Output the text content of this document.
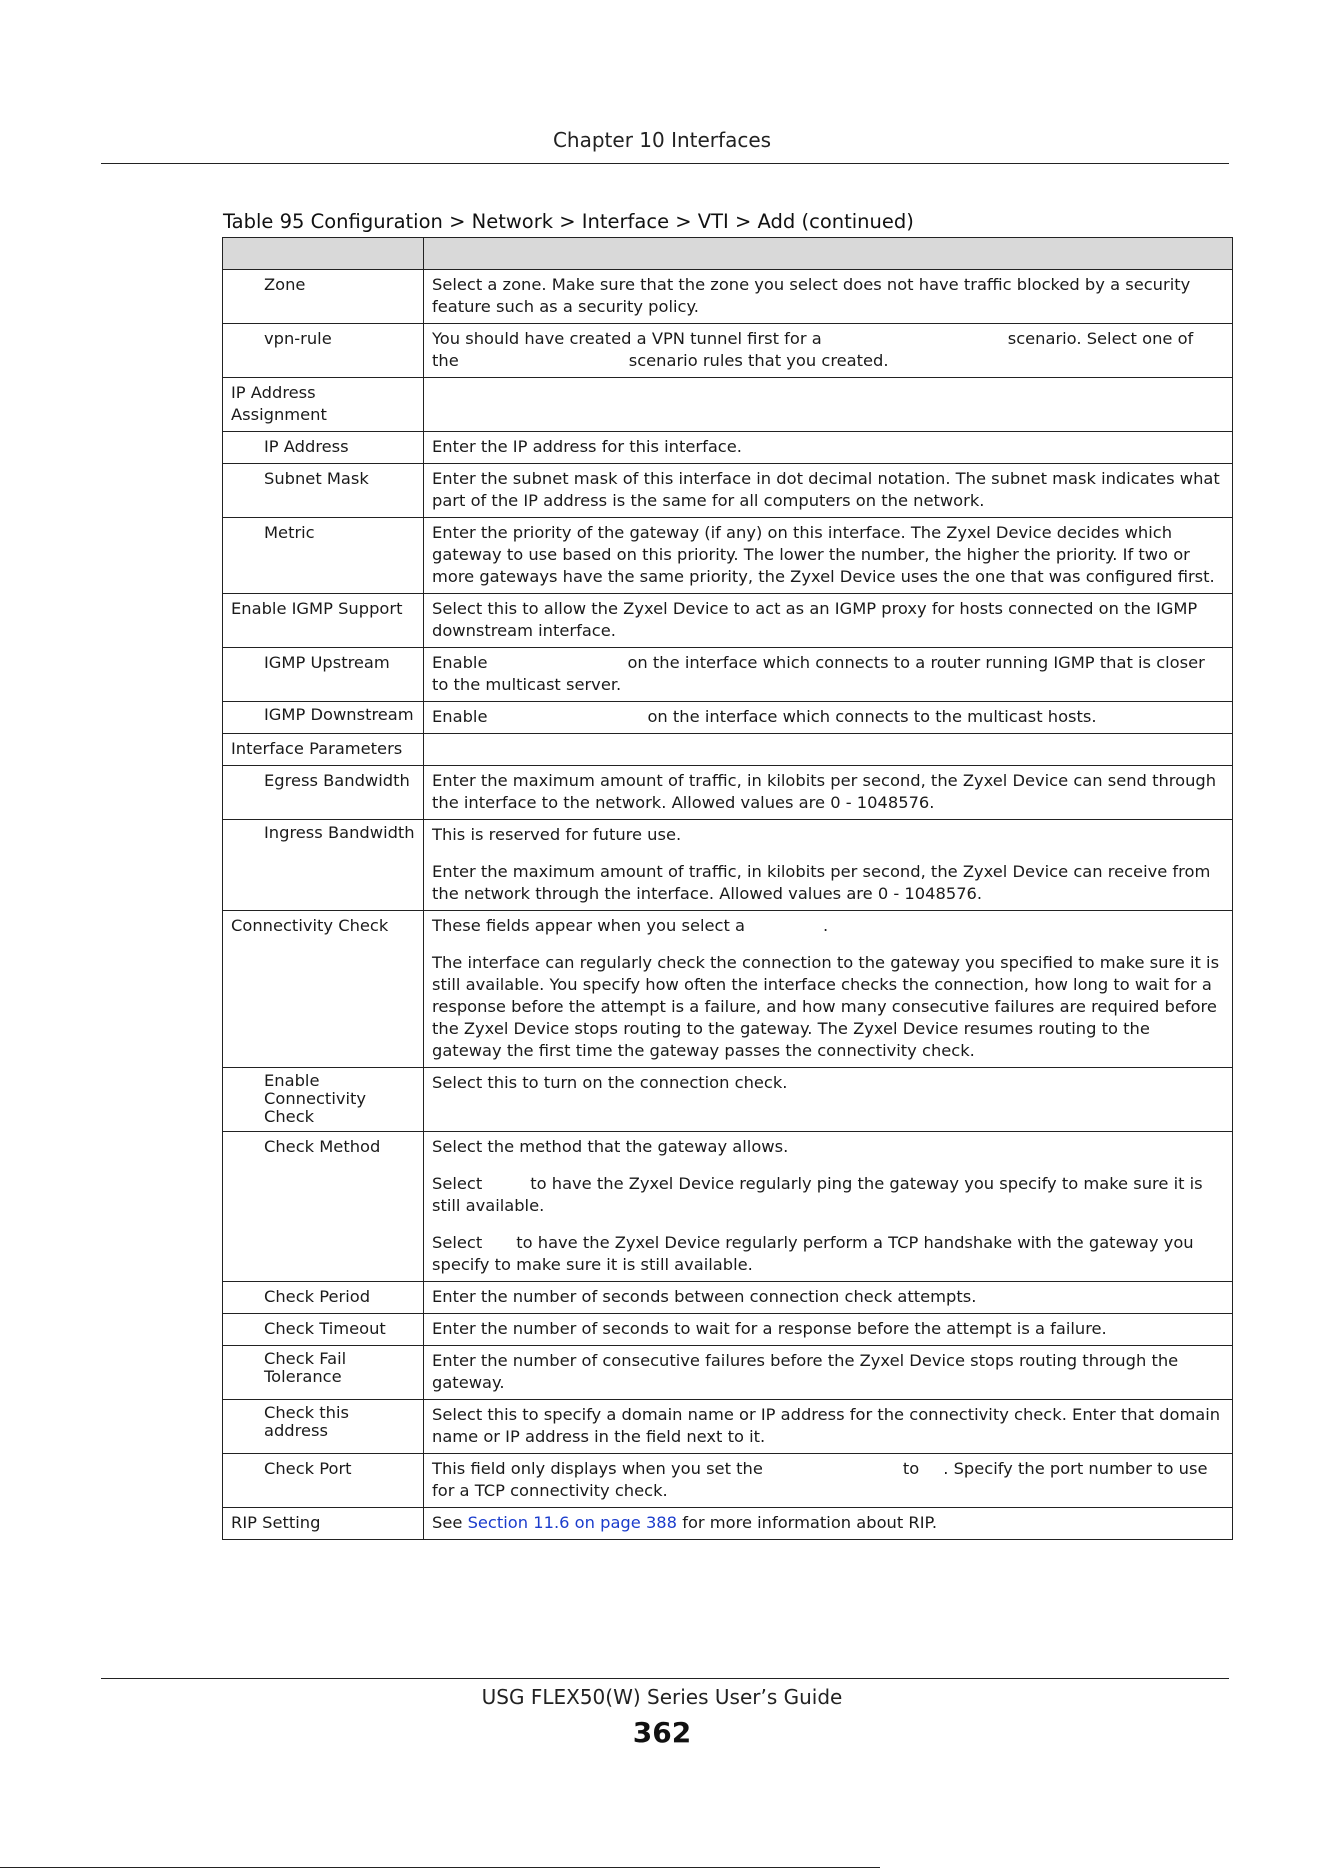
Chapter 10 Interfaces
Table 95 Configuration > Network > Interface > VTI > Add (continued)

Zone	Select a zone. Make sure that the zone you select does not have traffic blocked by a security feature such as a security policy.

vpn-rule	You should have created a VPN tunnel first for a scenario. Select one of the scenario rules that you created.

IP Address Assignment	

IP Address	Enter the IP address for this interface.

Subnet Mask	Enter the subnet mask of this interface in dot decimal notation. The subnet mask indicates what part of the IP address is the same for all computers on the network.

Metric	Enter the priority of the gateway (if any) on this interface. The Zyxel Device decides which gateway to use based on this priority. The lower the number, the higher the priority. If two or more gateways have the same priority, the Zyxel Device uses the one that was configured first.

Enable IGMP Support	Select this to allow the Zyxel Device to act as an IGMP proxy for hosts connected on the IGMP downstream interface.

IGMP Upstream	Enable on the interface which connects to a router running IGMP that is closer to the multicast server.

IGMP Downstream	Enable on the interface which connects to the multicast hosts.

Interface Parameters	

Egress Bandwidth	Enter the maximum amount of traffic, in kilobits per second, the Zyxel Device can send through the interface to the network. Allowed values are 0 - 1048576.

Ingress Bandwidth	This is reserved for future use.

Enter the maximum amount of traffic, in kilobits per second, the Zyxel Device can receive from the network through the interface. Allowed values are 0 - 1048576.

Connectivity Check	These fields appear when you select a .

The interface can regularly check the connection to the gateway you specified to make sure it is still available. You specify how often the interface checks the connection, how long to wait for a response before the attempt is a failure, and how many consecutive failures are required before the Zyxel Device stops routing to the gateway. The Zyxel Device resumes routing to the gateway the first time the gateway passes the connectivity check.

Enable Connectivity Check	Select this to turn on the connection check.

Check Method	Select the method that the gateway allows.

Select to have the Zyxel Device regularly ping the gateway you specify to make sure it is still available.

Select to have the Zyxel Device regularly perform a TCP handshake with the gateway you specify to make sure it is still available.

Check Period	Enter the number of seconds between connection check attempts.

Check Timeout	Enter the number of seconds to wait for a response before the attempt is a failure.

Check Fail Tolerance	Enter the number of consecutive failures before the Zyxel Device stops routing through the gateway.

Check this address	Select this to specify a domain name or IP address for the connectivity check. Enter that domain name or IP address in the field next to it.

Check Port	This field only displays when you set the to . Specify the port number to use for a TCP connectivity check.

RIP Setting	See Section 11.6 on page 388 for more information about RIP.

USG FLEX50(W) Series User’s Guide
362
